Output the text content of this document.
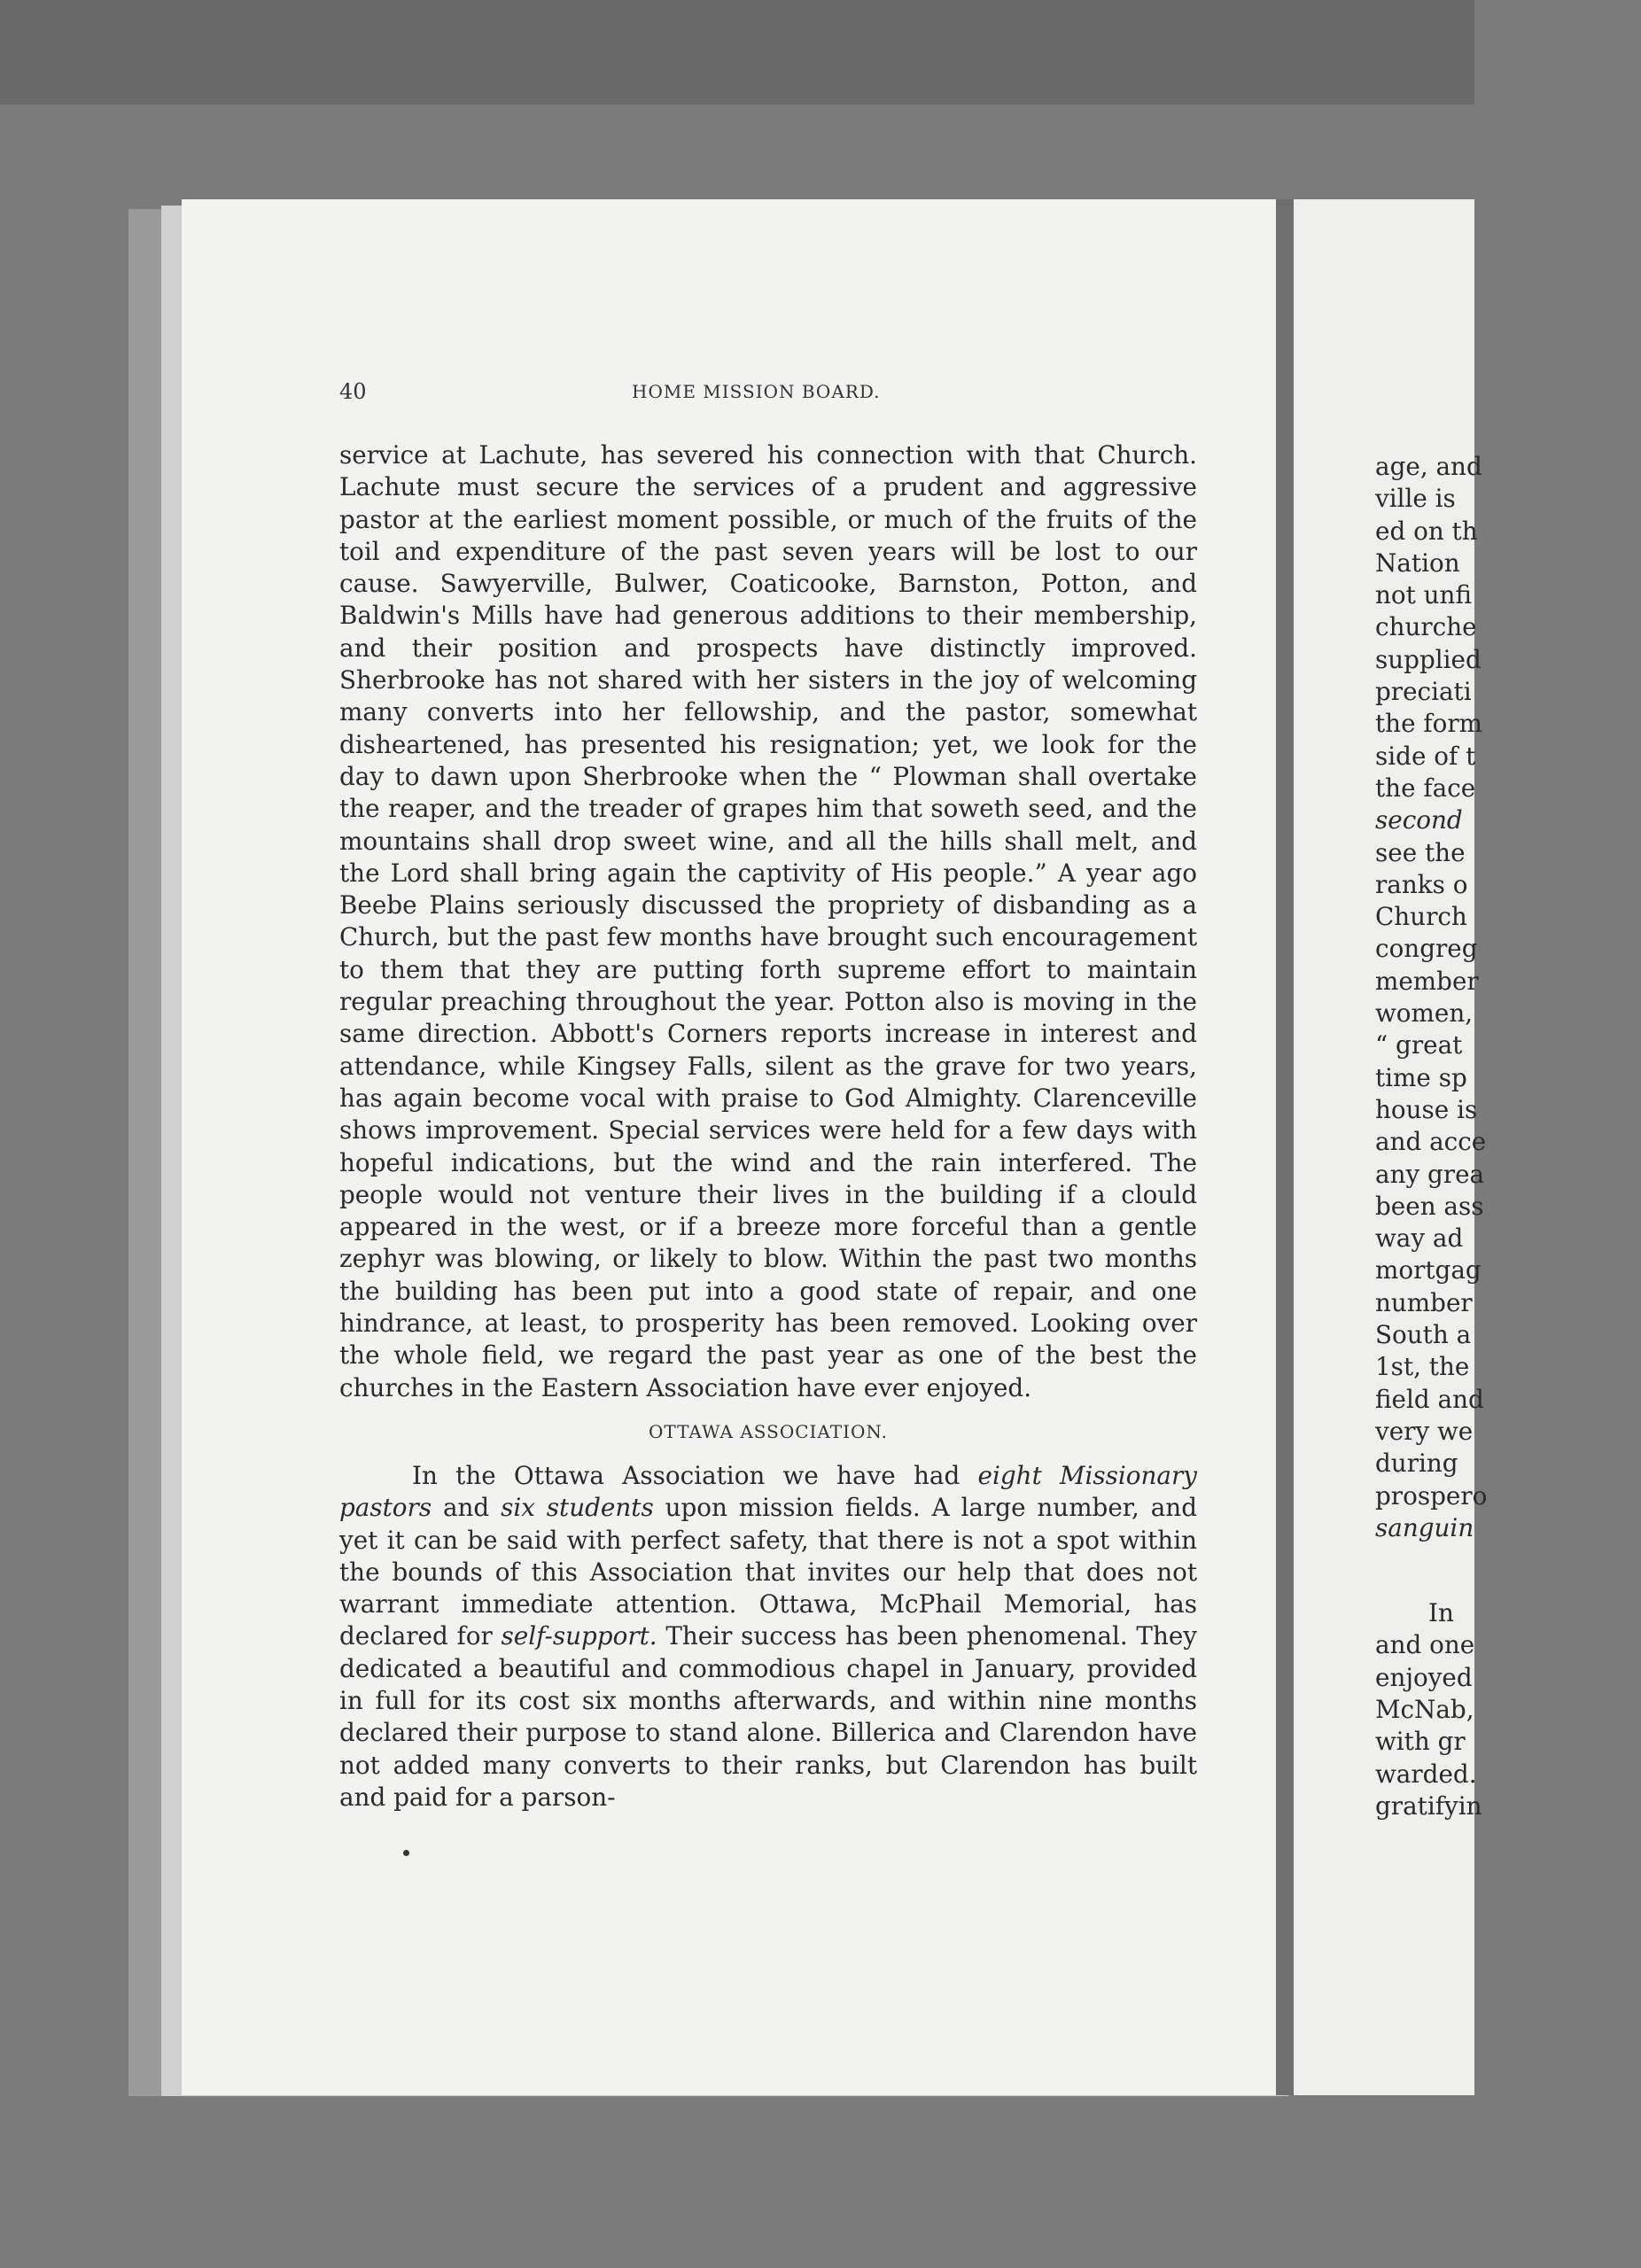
40	HOME MISSION BOARD.

service at Lachute, has severed his connection with that Church. Lachute must secure the services of a prudent and aggressive pastor at the earliest moment possible, or much of the fruits of the toil and expenditure of the past seven years will be lost to our cause. Sawyerville, Bulwer, Coaticooke, Barnston, Potton, and Baldwin's Mills have had generous additions to their membership, and their position and prospects have distinctly improved. Sherbrooke has not shared with her sisters in the joy of welcoming many converts into her fellowship, and the pastor, somewhat disheartened, has presented his resignation; yet, we look for the day to dawn upon Sherbrooke when the “ Plowman shall overtake the reaper, and the treader of grapes him that soweth seed, and the mountains shall drop sweet wine, and all the hills shall melt, and the Lord shall bring again the captivity of His people.” A year ago Beebe Plains seriously discussed the propriety of disbanding as a Church, but the past few months have brought such encouragement to them that they are putting forth supreme effort to maintain regular preaching throughout the year. Potton also is moving in the same direction. Abbott's Corners reports increase in interest and attendance, while Kingsey Falls, silent as the grave for two years, has again become vocal with praise to God Almighty. Clarenceville shows improvement. Special services were held for a few days with hopeful indications, but the wind and the rain interfered. The people would not venture their lives in the building if a clould appeared in the west, or if a breeze more forceful than a gentle zephyr was blowing, or likely to blow. Within the past two months the building has been put into a good state of repair, and one hindrance, at least, to prosperity has been removed. Looking over the whole field, we regard the past year as one of the best the churches in the Eastern Association have ever enjoyed.

OTTAWA ASSOCIATION.

In the Ottawa Association we have had eight Missionary pastors and six students upon mission fields. A large number, and yet it can be said with perfect safety, that there is not a spot within the bounds of this Association that invites our help that does not warrant immediate attention. Ottawa, McPhail Memorial, has declared for self-support. Their success has been phenomenal. They dedicated a beautiful and commodious chapel in January, provided in full for its cost six months afterwards, and within nine months declared their purpose to stand alone. Billerica and Clarendon have not added many converts to their ranks, but Clarendon has built and paid for a parson-

age, and
ville is
ed on th
Nation
not unfi
churche
supplied
preciati
the form
side of t
the face
second
see the
ranks o
Church
congreg
member
women,
“ great
time sp
house is
and acce
any grea
been ass
way ad
mortgag
number
South a
1st, the
field and
very we
during
prospero
sanguin
In
and one
enjoyed
McNab,
with gr
warded.
gratifyin
